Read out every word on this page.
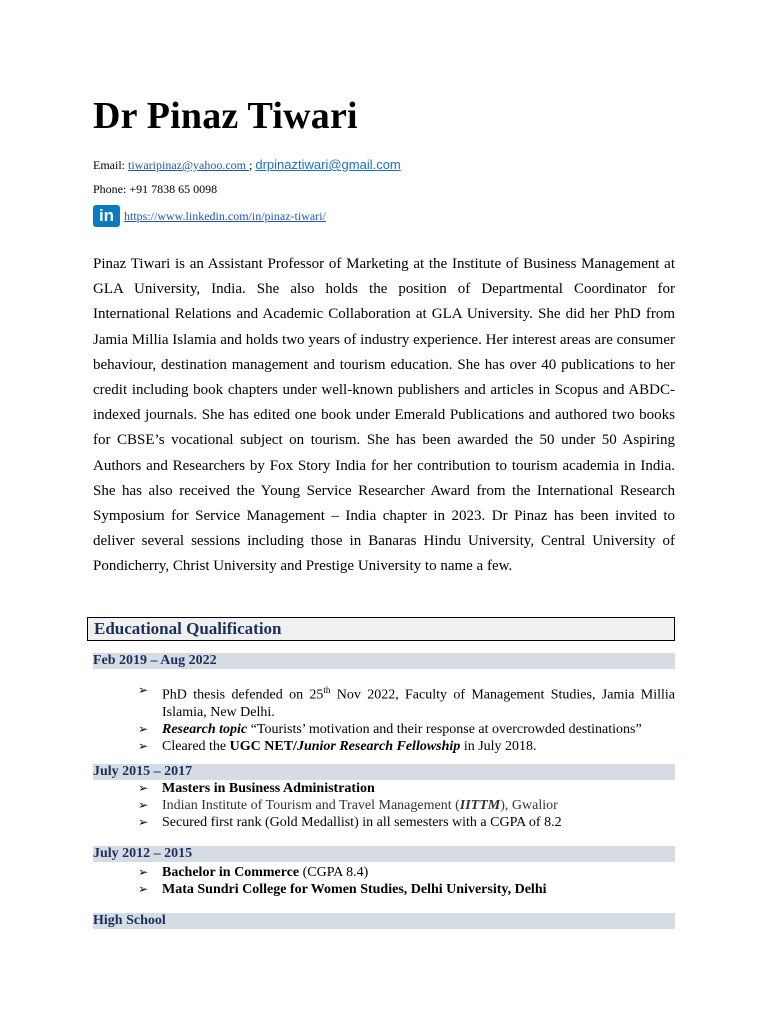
Dr Pinaz Tiwari
Email: tiwaripinaz@yahoo.com ; drpinaztiwari@gmail.com
Phone: +91 7838 65 0098
in https://www.linkedin.com/in/pinaz-tiwari/

Pinaz Tiwari is an Assistant Professor of Marketing at the Institute of Business Management at GLA University, India. She also holds the position of Departmental Coordinator for International Relations and Academic Collaboration at GLA University. She did her PhD from Jamia Millia Islamia and holds two years of industry experience. Her interest areas are consumer behaviour, destination management and tourism education. She has over 40 publications to her credit including book chapters under well-known publishers and articles in Scopus and ABDC-indexed journals. She has edited one book under Emerald Publications and authored two books for CBSE’s vocational subject on tourism. She has been awarded the 50 under 50 Aspiring Authors and Researchers by Fox Story India for her contribution to tourism academia in India. She has also received the Young Service Researcher Award from the International Research Symposium for Service Management – India chapter in 2023. Dr Pinaz has been invited to deliver several sessions including those in Banaras Hindu University, Central University of Pondicherry, Christ University and Prestige University to name a few.

Educational Qualification
Feb 2019 – Aug 2022
➢ PhD thesis defended on 25th Nov 2022, Faculty of Management Studies, Jamia Millia Islamia, New Delhi.
➢ Research topic “Tourists’ motivation and their response at overcrowded destinations”
➢ Cleared the UGC NET/Junior Research Fellowship in July 2018.
July 2015 – 2017
➢ Masters in Business Administration
➢ Indian Institute of Tourism and Travel Management (IITTM), Gwalior
➢ Secured first rank (Gold Medallist) in all semesters with a CGPA of 8.2
July 2012 – 2015
➢ Bachelor in Commerce (CGPA 8.4)
➢ Mata Sundri College for Women Studies, Delhi University, Delhi
High School
